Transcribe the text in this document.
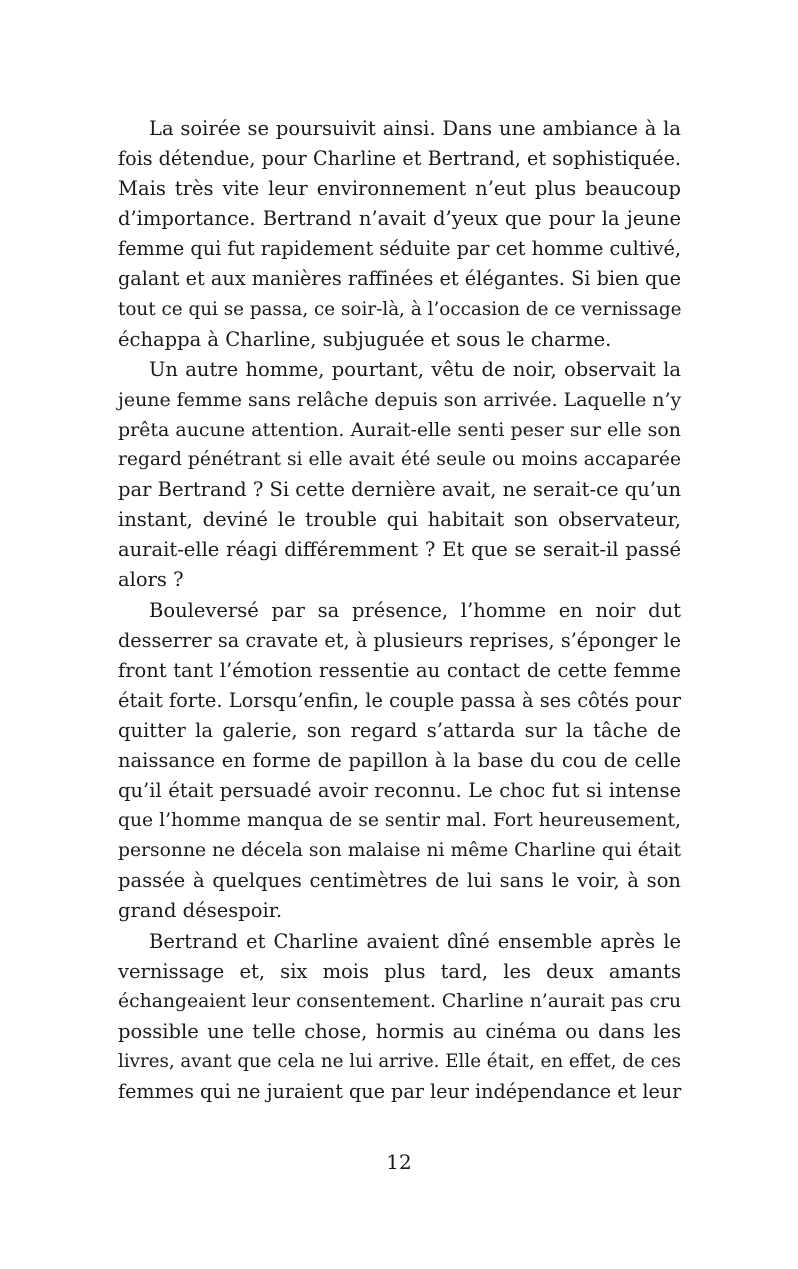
La soirée se poursuivit ainsi. Dans une ambiance à la
fois détendue, pour Charline et Bertrand, et sophistiquée.
Mais très vite leur environnement n’eut plus beaucoup
d’importance. Bertrand n’avait d’yeux que pour la jeune
femme qui fut rapidement séduite par cet homme cultivé,
galant et aux manières raffinées et élégantes. Si bien que
tout ce qui se passa, ce soir-là, à l’occasion de ce vernissage
échappa à Charline, subjuguée et sous le charme.
Un autre homme, pourtant, vêtu de noir, observait la
jeune femme sans relâche depuis son arrivée. Laquelle n’y
prêta aucune attention. Aurait-elle senti peser sur elle son
regard pénétrant si elle avait été seule ou moins accaparée
par Bertrand ? Si cette dernière avait, ne serait-ce qu’un
instant, deviné le trouble qui habitait son observateur,
aurait-elle réagi différemment ? Et que se serait-il passé
alors ?
Bouleversé par sa présence, l’homme en noir dut
desserrer sa cravate et, à plusieurs reprises, s’éponger le
front tant l’émotion ressentie au contact de cette femme
était forte. Lorsqu’enfin, le couple passa à ses côtés pour
quitter la galerie, son regard s’attarda sur la tâche de
naissance en forme de papillon à la base du cou de celle
qu’il était persuadé avoir reconnu. Le choc fut si intense
que l’homme manqua de se sentir mal. Fort heureusement,
personne ne décela son malaise ni même Charline qui était
passée à quelques centimètres de lui sans le voir, à son
grand désespoir.
Bertrand et Charline avaient dîné ensemble après le
vernissage et, six mois plus tard, les deux amants
échangeaient leur consentement. Charline n’aurait pas cru
possible une telle chose, hormis au cinéma ou dans les
livres, avant que cela ne lui arrive. Elle était, en effet, de ces
femmes qui ne juraient que par leur indépendance et leur
12
